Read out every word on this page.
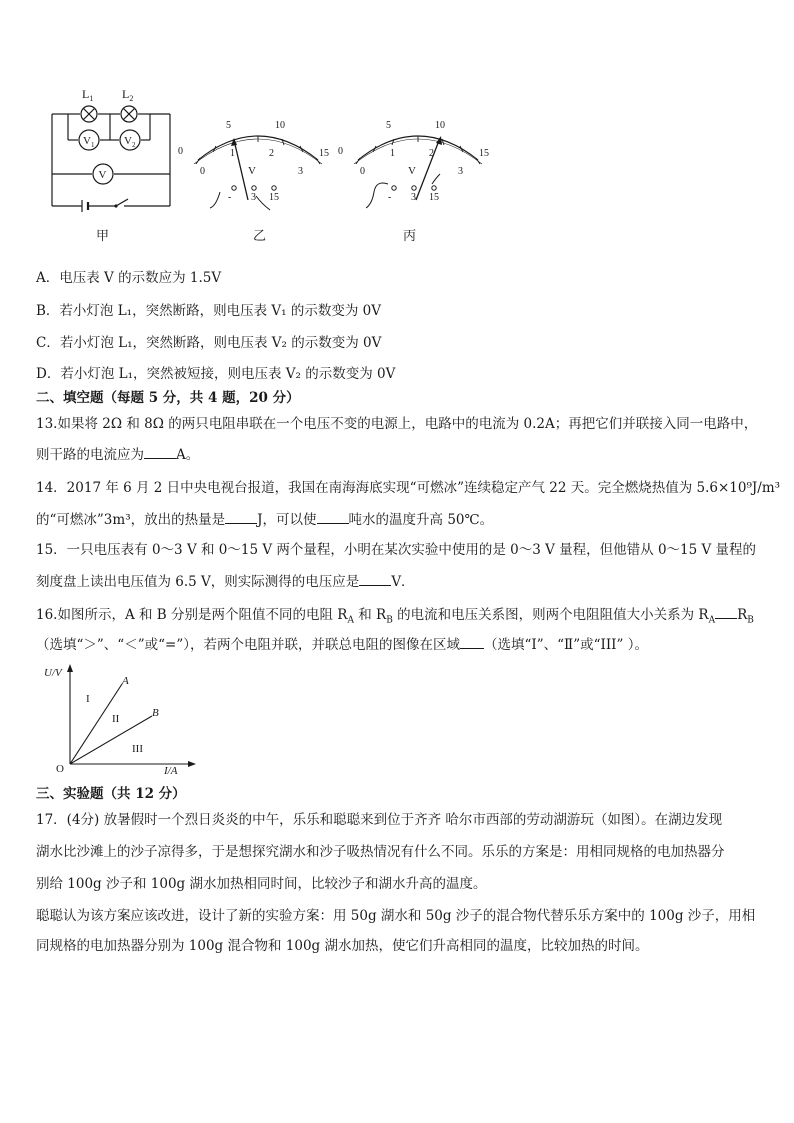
$L_1$ $L_2$
$V_1$	$V_2$
V
甲
0
5	10
15
0
1	2
3
V
- 3 15
乙
0
5	10
15
0
1	2
3
V
- 3 15
丙
A．电压表 V 的示数应为 1.5V
B．若小灯泡 L₁，突然断路，则电压表 V₁ 的示数变为 0V
C．若小灯泡 L₁，突然断路，则电压表 V₂ 的示数变为 0V
D．若小灯泡 L₁，突然被短接，则电压表 V₂ 的示数变为 0V
二、填空题（每题 5 分，共 4 题，20 分）
13.如果将 2Ω 和 8Ω 的两只电阻串联在一个电压不变的电源上，电路中的电流为 0.2A；再把它们并联接入同一电路中，
则干路的电流应为 A。
14．2017 年 6 月 2 日中央电视台报道，我国在南海海底实现“可燃冰”连续稳定产气 22 天。完全燃烧热值为 5.6×10⁹J/m³
的“可燃冰”3m³，放出的热量是 J，可以使 吨水的温度升高 50℃。
15．一只电压表有 0～3 V 和 0～15 V 两个量程，小明在某次实验中使用的是 0～3 V 量程，但他错从 0～15 V 量程的
刻度盘上读出电压值为 6.5 V，则实际测得的电压应是 V．
16.如图所示，A 和 B 分别是两个阻值不同的电阻 $R_A$ 和 $R_B$ 的电流和电压关系图，则两个电阻阻值大小关系为 $R_A$ $R_B$
（选填“＞”、“＜”或“=”），若两个电阻并联，并联总电阻的图像在区域 （选填“I”、“Ⅱ”或“III” ）。
U/V
I/A
O
A
B
I
II
III
三、实验题（共 12 分）
17．(4分) 放暑假时一个烈日炎炎的中午，乐乐和聪聪来到位于齐齐 哈尔市西部的劳动湖游玩（如图）。在湖边发现
湖水比沙滩上的沙子凉得多，于是想探究湖水和沙子吸热情况有什么不同。乐乐的方案是：用相同规格的电加热器分
别给 100g 沙子和 100g 湖水加热相同时间，比较沙子和湖水升高的温度。
聪聪认为该方案应该改进，设计了新的实验方案：用 50g 湖水和 50g 沙子的混合物代替乐乐方案中的 100g 沙子，用相
同规格的电加热器分别为 100g 混合物和 100g 湖水加热，使它们升高相同的温度，比较加热的时间。
